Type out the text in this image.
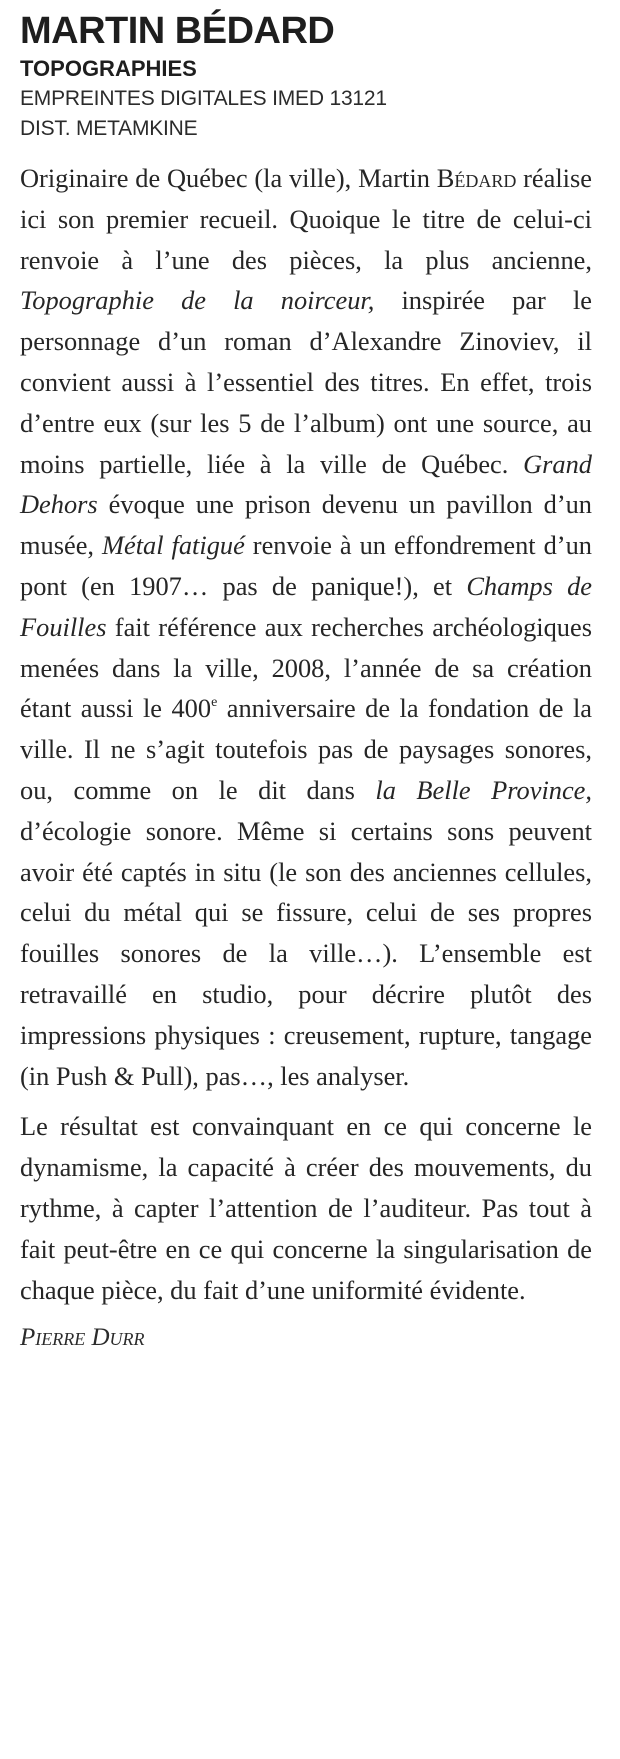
MARTIN BÉDARD
TOPOGRAPHIES
EMPREINTES DIGITALES IMED 13121
DIST. METAMKINE

Originaire de Québec (la ville), Martin Bédard réalise ici son premier recueil. Quoique le titre de celui-ci renvoie à l’une des pièces, la plus ancienne, Topographie de la noirceur, inspirée par le personnage d’un roman d’Alexandre Zinoviev, il convient aussi à l’essentiel des titres. En effet, trois d’entre eux (sur les 5 de l’album) ont une source, au moins partielle, liée à la ville de Québec. Grand Dehors évoque une prison devenu un pavillon d’un musée, Métal fatigué renvoie à un effondrement d’un pont (en 1907… pas de panique!), et Champs de Fouilles fait référence aux recherches archéologiques menées dans la ville, 2008, l’année de sa création étant aussi le 400e anniversaire de la fondation de la ville. Il ne s’agit toutefois pas de paysages sonores, ou, comme on le dit dans la Belle Province, d’écologie sonore. Même si certains sons peuvent avoir été captés in situ (le son des anciennes cellules, celui du métal qui se fissure, celui de ses propres fouilles sonores de la ville…). L’ensemble est retravaillé en studio, pour décrire plutôt des impressions physiques : creusement, rupture, tangage (in Push & Pull), pas…, les analyser.

Le résultat est convainquant en ce qui concerne le dynamisme, la capacité à créer des mouvements, du rythme, à capter l’attention de l’auditeur. Pas tout à fait peut-être en ce qui concerne la singularisation de chaque pièce, du fait d’une uniformité évidente.

Pierre Durr
